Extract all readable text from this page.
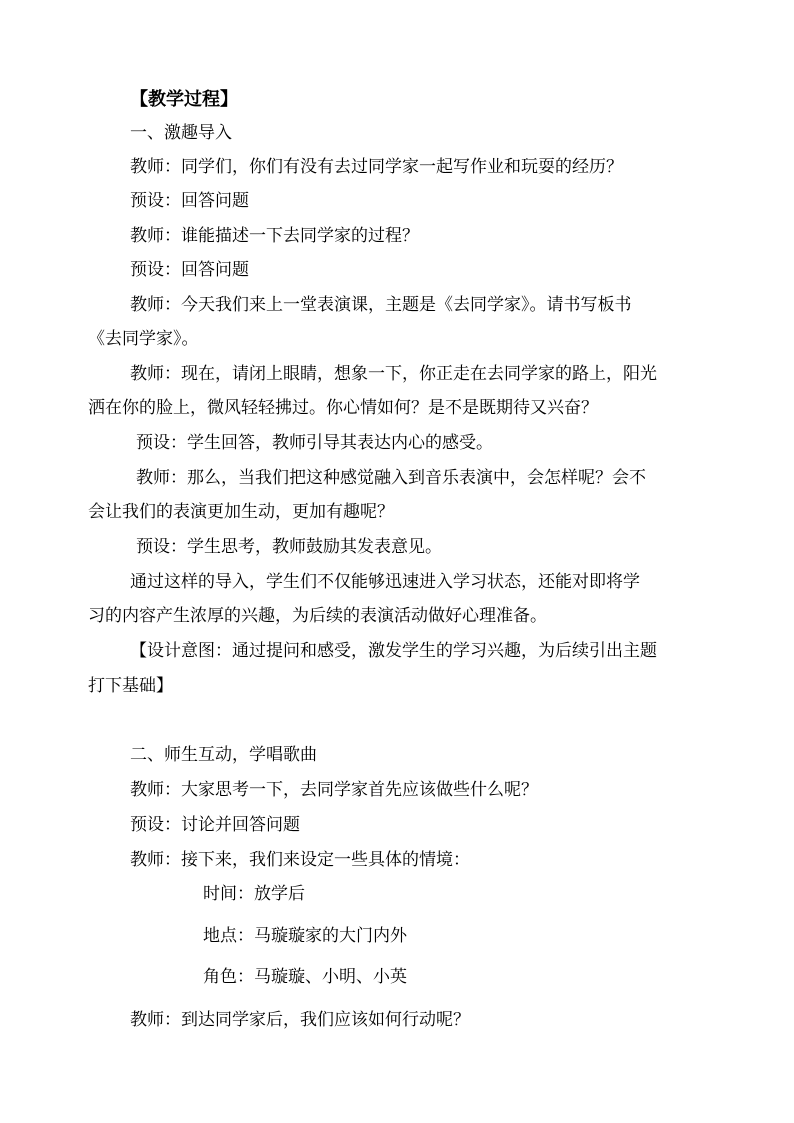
【教学过程】
一、激趣导入
教师：同学们，你们有没有去过同学家一起写作业和玩耍的经历？
预设：回答问题
教师：谁能描述一下去同学家的过程？
预设：回答问题
教师：今天我们来上一堂表演课，主题是《去同学家》。请书写板书
《去同学家》。
教师：现在，请闭上眼睛，想象一下，你正走在去同学家的路上，阳光
洒在你的脸上，微风轻轻拂过。你心情如何？是不是既期待又兴奋？
预设：学生回答，教师引导其表达内心的感受。
教师：那么，当我们把这种感觉融入到音乐表演中，会怎样呢？会不
会让我们的表演更加生动，更加有趣呢？
预设：学生思考，教师鼓励其发表意见。
通过这样的导入，学生们不仅能够迅速进入学习状态，还能对即将学
习的内容产生浓厚的兴趣，为后续的表演活动做好心理准备。
【设计意图：通过提问和感受，激发学生的学习兴趣，为后续引出主题
打下基础】
二、师生互动，学唱歌曲
教师：大家思考一下，去同学家首先应该做些什么呢？
预设：讨论并回答问题
教师：接下来，我们来设定一些具体的情境：
时间：放学后
地点：马璇璇家的大门内外
角色：马璇璇、小明、小英
教师：到达同学家后，我们应该如何行动呢？
